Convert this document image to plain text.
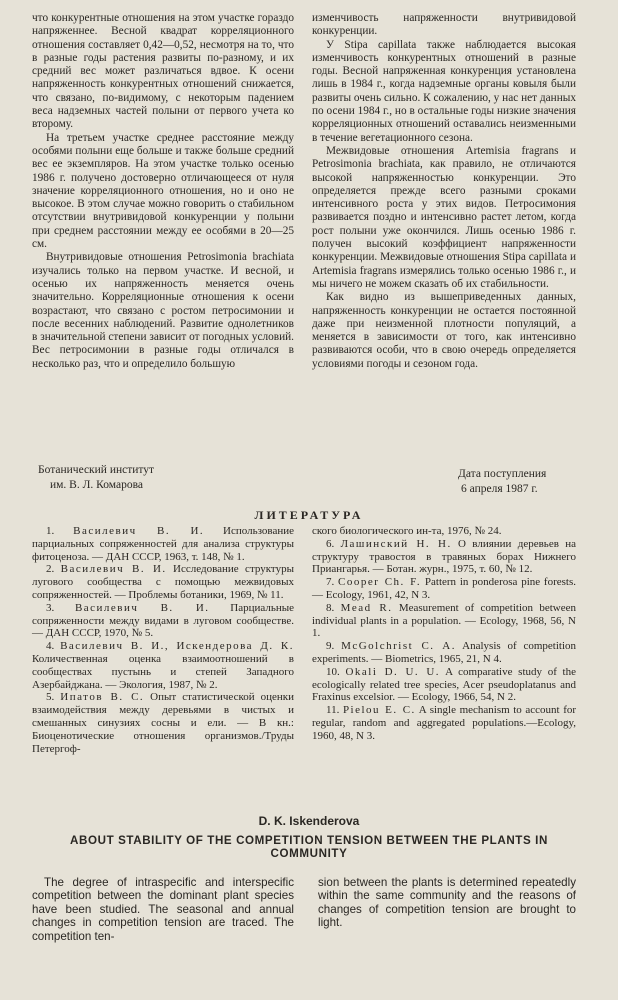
что конкурентные отношения на этом участке гораздо напряженнее. Весной квадрат корреляционного отношения составляет 0,42—0,52, несмотря на то, что в разные годы растения развиты по-разному, и их средний вес может различаться вдвое. К осени напряженность конкурентных отношений снижается, что связано, по-видимому, с некоторым падением веса надземных частей полыни от первого учета ко второму.

На третьем участке среднее расстояние между особями полыни еще больше и также больше средний вес ее экземпляров. На этом участке только осенью 1986 г. получено достоверно отличающееся от нуля значение корреляционного отношения, но и оно не высокое. В этом случае можно говорить о стабильном отсутствии внутривидовой конкуренции у полыни при среднем расстоянии между ее особями в 20—25 см.

Внутривидовые отношения Petrosimonia brachiata изучались только на первом участке. И весной, и осенью их напряженность меняется очень значительно. Корреляционные отношения к осени возрастают, что связано с ростом петросимонии и после весенних наблюдений. Развитие однолетников в значительной степени зависит от погодных условий. Вес петросимонии в разные годы отличался в несколько раз, что и определило большую

изменчивость напряженности внутривидовой конкуренции.

У Stipa capillata также наблюдается высокая изменчивость конкурентных отношений в разные годы. Весной напряженная конкуренция установлена лишь в 1984 г., когда надземные органы ковыля были развиты очень сильно. К сожалению, у нас нет данных по осени 1984 г., но в остальные годы низкие значения корреляционных отношений оставались неизменными в течение вегетационного сезона.

Межвидовые отношения Artemisia fragrans и Petrosimonia brachiata, как правило, не отличаются высокой напряженностью конкуренции. Это определяется прежде всего разными сроками интенсивного роста у этих видов. Петросимония развивается поздно и интенсивно растет летом, когда рост полыни уже окончился. Лишь осенью 1986 г. получен высокий коэффициент напряженности конкуренции. Межвидовые отношения Stipa capillata и Artemisia fragrans измерялись только осенью 1986 г., и мы ничего не можем сказать об их стабильности.

Как видно из вышеприведенных данных, напряженность конкуренции не остается постоянной даже при неизменной плотности популяций, а меняется в зависимости от того, как интенсивно развиваются особи, что в свою очередь определяется условиями погоды и сезоном года.

Ботанический институт
им. В. Л. Комарова
Дата поступления
6 апреля 1987 г.
ЛИТЕРАТУРА

1. Василевич В. И. Использование парциальных сопряженностей для анализа структуры фитоценоза. — ДАН СССР, 1963, т. 148, № 1.

2. Василевич В. И. Исследование структуры лугового сообщества с помощью межвидовых сопряженностей. — Проблемы ботаники, 1969, № 11.

3. Василевич В. И. Парциальные сопряженности между видами в луговом сообществе. — ДАН СССР, 1970, № 5.

4. Василевич В. И., Искендерова Д. К. Количественная оценка взаимоотношений в сообществах пустынь и степей Западного Азербайджана. — Экология, 1987, № 2.

5. Ипатов В. С. Опыт статистической оценки взаимодействия между деревьями в чистых и смешанных синузиях сосны и ели. — В кн.: Биоценотические отношения организмов./Труды Петергоф-

ского биологического ин-та, 1976, № 24.

6. Лашинский Н. Н. О влиянии деревьев на структуру травостоя в травяных борах Нижнего Приангарья. — Ботан. журн., 1975, т. 60, № 12.

7. Cooper Ch. F. Pattern in ponderosa pine forests. — Ecology, 1961, 42, N 3.

8. Mead R. Measurement of competition between individual plants in a population. — Ecology, 1968, 56, N 1.

9. McGolchrist C. A. Analysis of competition experiments. — Biometrics, 1965, 21, N 4.

10. Okali D. U. U. A comparative study of the ecologically related tree species, Acer pseudoplatanus and Fraxinus excelsior. — Ecology, 1966, 54, N 2.

11. Pielou E. C. A single mechanism to account for regular, random and aggregated populations.—Ecology, 1960, 48, N 3.

D. K. Iskenderova
ABOUT STABILITY OF THE COMPETITION TENSION BETWEEN THE PLANTS IN COMMUNITY

The degree of intraspecific and interspecific competition between the dominant plant species have been studied. The seasonal and annual changes in competition tension are traced. The competition ten-

sion between the plants is determined repeatedly within the same community and the reasons of changes of competition tension are brought to light.
